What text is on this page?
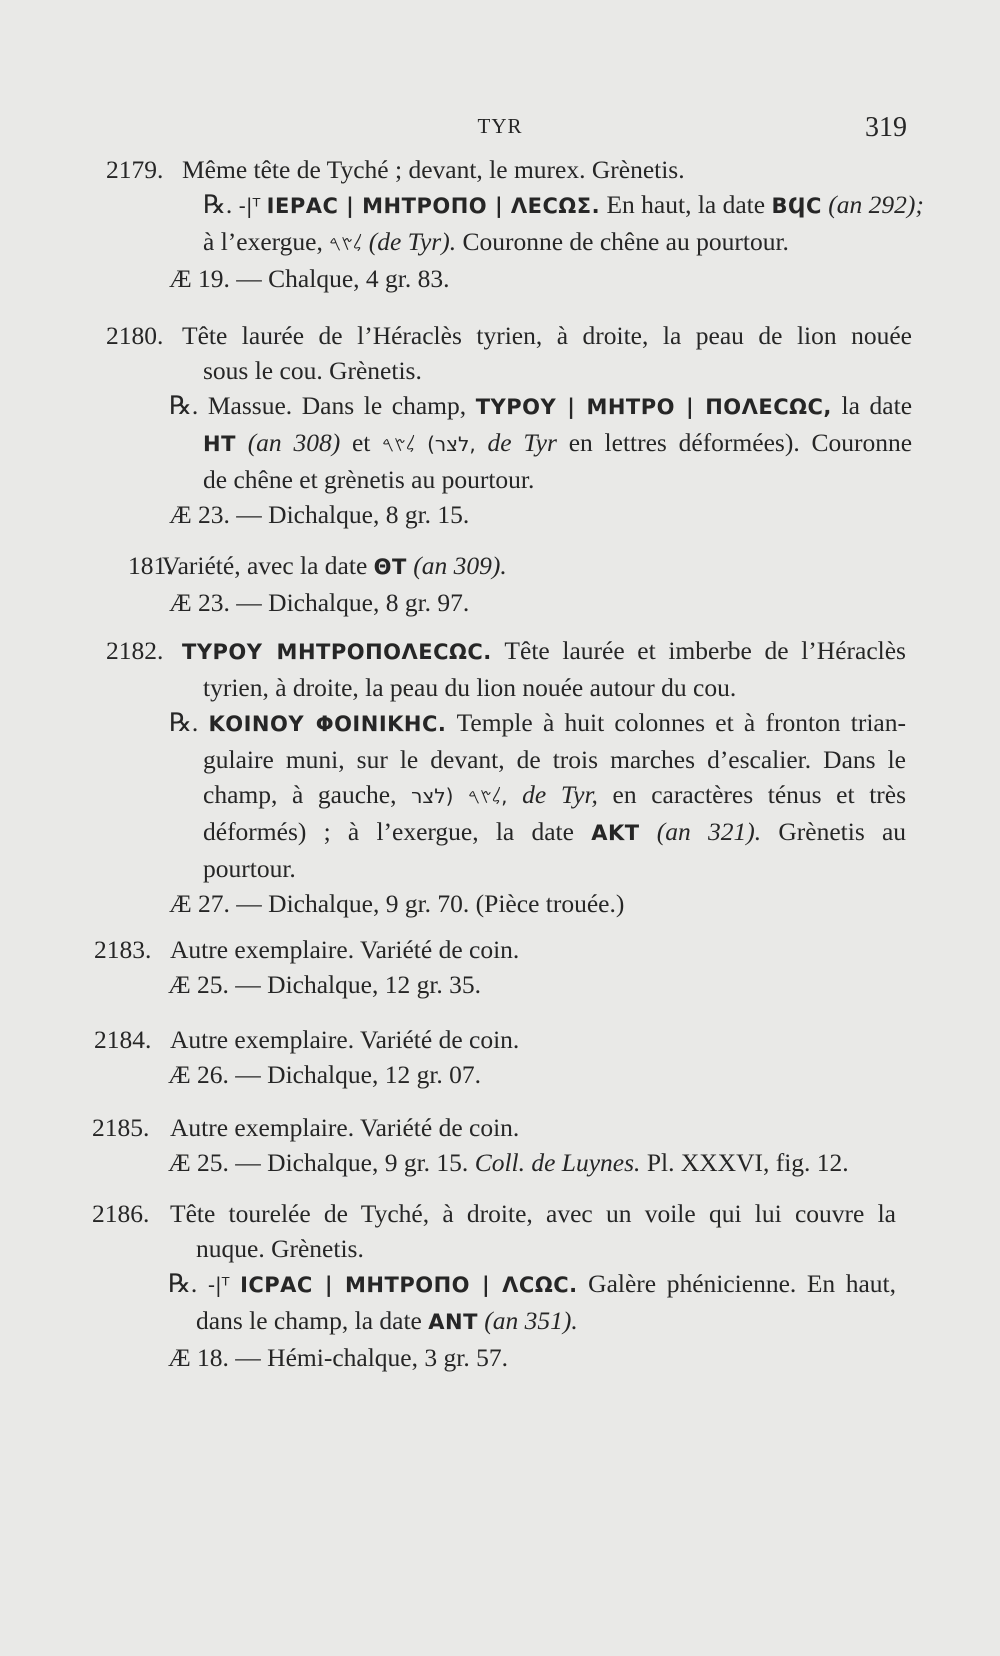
TYR	319
2179. Même tête de Tyché ; devant, le murex. Grènetis.
℞. -|ᵀ ΙΕΡΑϹ | ΜΗΤΡΟΠΟ | ΛΕϹΩΣ. En haut, la date ΒϤϹ (an 292);
à l’exergue, 𐤋𐤑𐤓 (de Tyr). Couronne de chêne au pourtour.
Æ 19. — Chalque, 4 gr. 83.
2180. Tête laurée de l’Héraclès tyrien, à droite, la peau de lion nouée
sous le cou. Grènetis.
℞. Massue. Dans le champ, ΤΥΡΟΥ | ΜΗΤΡΟ | ΠΟΛΕϹΩϹ, la date
ΗΤ (an 308) et 𐤋𐤑𐤓 (לצר, de Tyr en lettres déformées). Couronne
de chêne et grènetis au pourtour.
Æ 23. — Dichalque, 8 gr. 15.
181.
Variété, avec la date ΘΤ (an 309).
Æ 23. — Dichalque, 8 gr. 97.
2182. ΤΥΡΟΥ ΜΗΤΡΟΠΟΛΕϹΩϹ. Tête laurée et imberbe de l’Héraclès
tyrien, à droite, la peau du lion nouée autour du cou.
℞. ΚΟΙΝΟΥ ΦΟΙΝΙΚΗϹ. Temple à huit colonnes et à fronton trian-
gulaire muni, sur le devant, de trois marches d’escalier. Dans le
champ, à gauche,	𐤋𐤑𐤓 (לצר, de Tyr, en caractères ténus et très
déformés) ; à l’exergue, la date ΑΚΤ (an 321). Grènetis au
pourtour.
Æ 27. — Dichalque, 9 gr. 70. (Pièce trouée.)
2183. Autre exemplaire. Variété de coin.
Æ 25. — Dichalque, 12 gr. 35.
2184. Autre exemplaire. Variété de coin.
Æ 26. — Dichalque, 12 gr. 07.
2185. Autre exemplaire. Variété de coin.
Æ 25. — Dichalque, 9 gr. 15. Coll. de Luynes. Pl. XXXVI, fig. 12.
2186. Tête tourelée de Tyché, à droite, avec un voile qui lui couvre la
nuque. Grènetis.
℞. -|ᵀ ΙϹΡΑϹ | ΜΗΤΡΟΠΟ | ΛϹΩϹ. Galère phénicienne. En haut,
dans le champ, la date ΑΝΤ (an 351).
Æ 18. — Hémi-chalque, 3 gr. 57.
